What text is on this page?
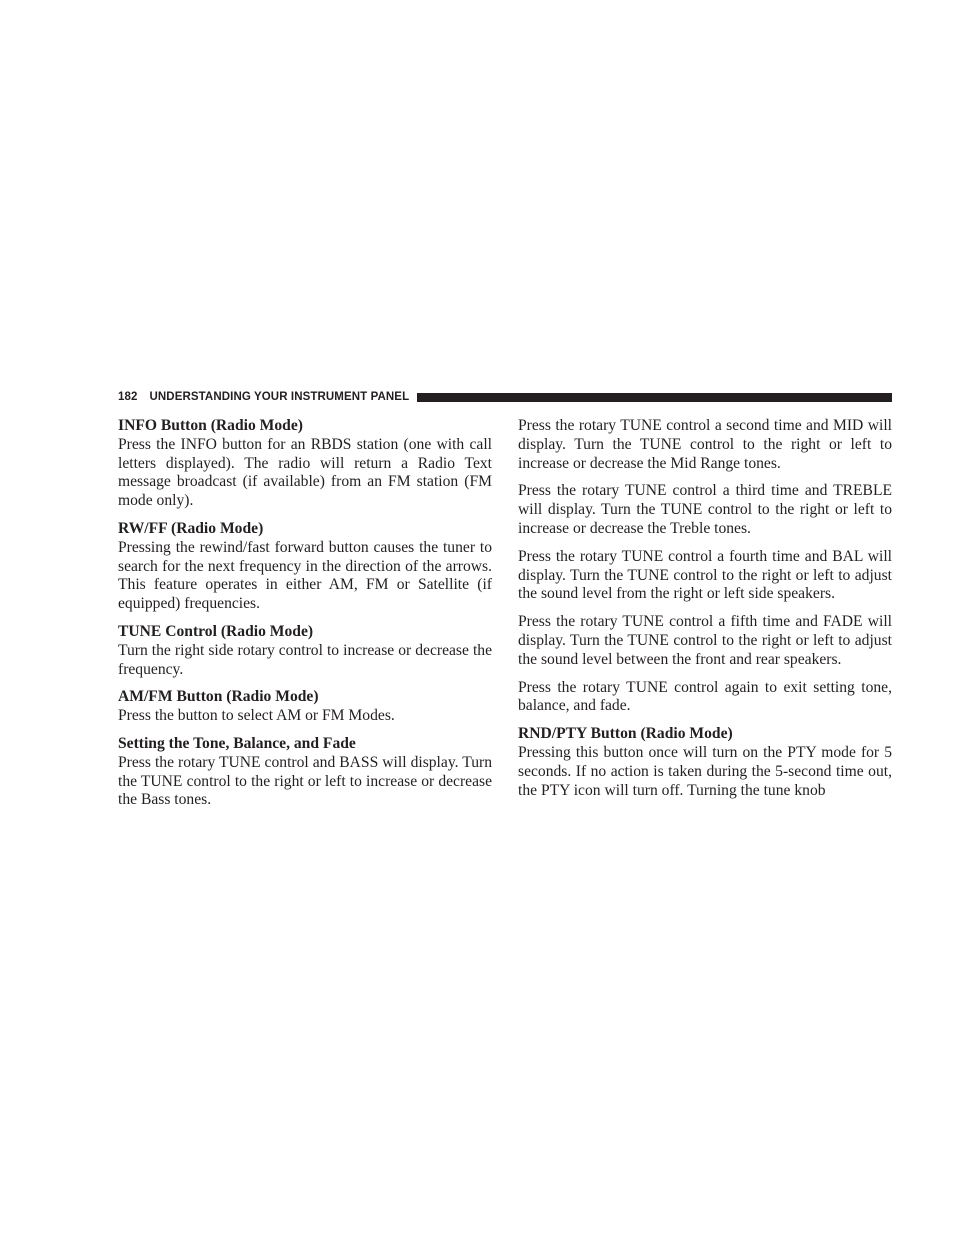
182 UNDERSTANDING YOUR INSTRUMENT PANEL

INFO Button (Radio Mode)

Press the INFO button for an RBDS station (one with call letters displayed). The radio will return a Radio Text message broadcast (if available) from an FM station (FM mode only).

RW/FF (Radio Mode)

Pressing the rewind/fast forward button causes the tuner to search for the next frequency in the direction of the arrows. This feature operates in either AM, FM or Satellite (if equipped) frequencies.

TUNE Control (Radio Mode)

Turn the right side rotary control to increase or decrease the frequency.

AM/FM Button (Radio Mode)

Press the button to select AM or FM Modes.

Setting the Tone, Balance, and Fade

Press the rotary TUNE control and BASS will display. Turn the TUNE control to the right or left to increase or decrease the Bass tones.

Press the rotary TUNE control a second time and MID will display. Turn the TUNE control to the right or left to increase or decrease the Mid Range tones.

Press the rotary TUNE control a third time and TREBLE will display. Turn the TUNE control to the right or left to increase or decrease the Treble tones.

Press the rotary TUNE control a fourth time and BAL will display. Turn the TUNE control to the right or left to adjust the sound level from the right or left side speakers.

Press the rotary TUNE control a fifth time and FADE will display. Turn the TUNE control to the right or left to adjust the sound level between the front and rear speakers.

Press the rotary TUNE control again to exit setting tone, balance, and fade.

RND/PTY Button (Radio Mode)

Pressing this button once will turn on the PTY mode for 5 seconds. If no action is taken during the 5-second time out, the PTY icon will turn off. Turning the tune knob
